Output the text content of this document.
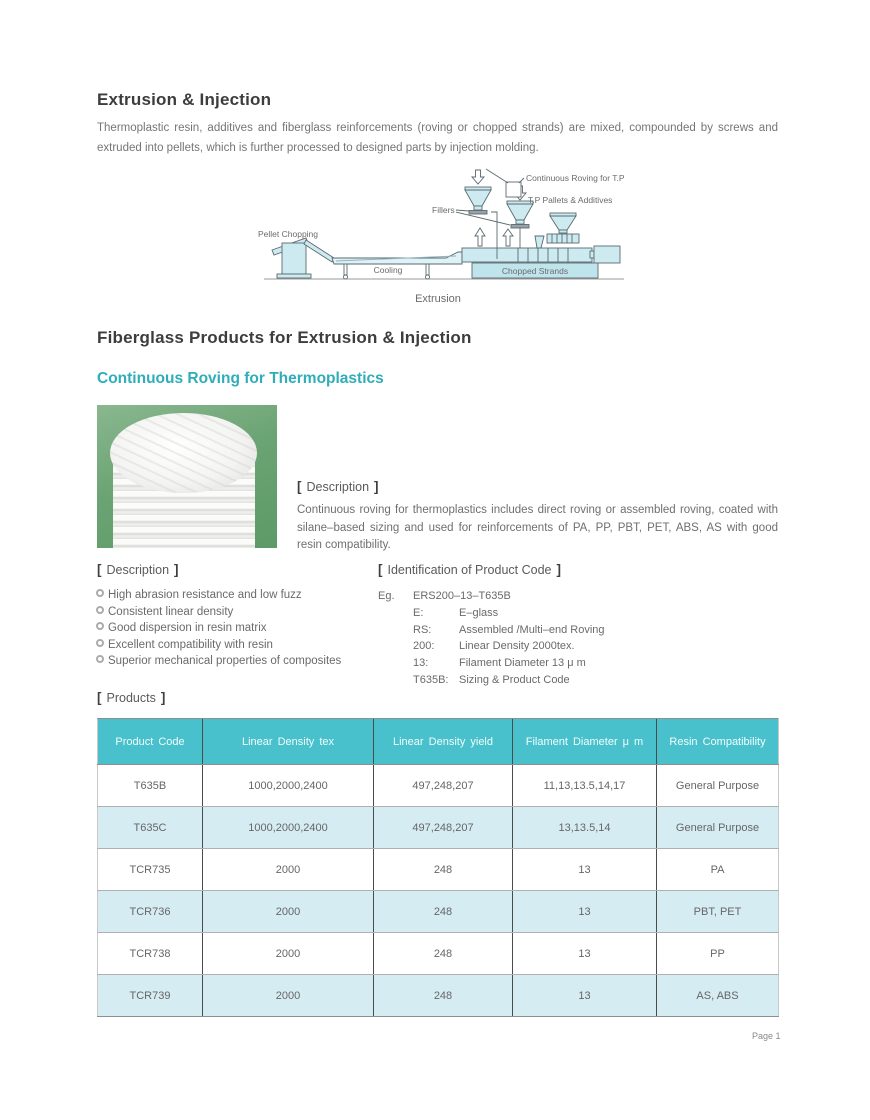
Extrusion & Injection
Thermoplastic resin, additives and fiberglass reinforcements (roving or chopped strands) are mixed, compounded by screws and extruded into pellets, which is further processed to designed parts by injection molding.
Continuous Roving for T.P
T.P Pallets & Additives
Fillers
Pellet Chopping
Cooling	Chopped Strands
Extrusion
Fiberglass Products for Extrusion & Injection
Continuous Roving for Thermoplastics
[ Description ]
Continuous roving for thermoplastics includes direct roving or assembled roving, coated with silane–based sizing and used for reinforcements of PA, PP, PBT, PET, ABS, AS with good resin compatibility.
[ Description ]
High abrasion resistance and low fuzz
Consistent linear density
Good dispersion in resin matrix
Excellent compatibility with resin
Superior mechanical properties of composites
[ Identification of Product Code ]
Eg.	ERS200–13–T635B
E:	E–glass
RS:	Assembled /Multi–end Roving
200:	Linear Density 2000tex.
13:	Filament Diameter 13 μ m
T635B: Sizing & Product Code
[ Products ]
Product Code	Linear Density tex	Linear Density yield	Filament Diameter μ m	Resin Compatibility
T635B	1000,2000,2400	497,248,207	11,13,13.5,14,17	General Purpose
T635C	1000,2000,2400	497,248,207	13,13.5,14	General Purpose
TCR735	2000	248	13	PA
TCR736	2000	248	13	PBT, PET
TCR738	2000	248	13	PP
TCR739	2000	248	13	AS, ABS
Page 1
